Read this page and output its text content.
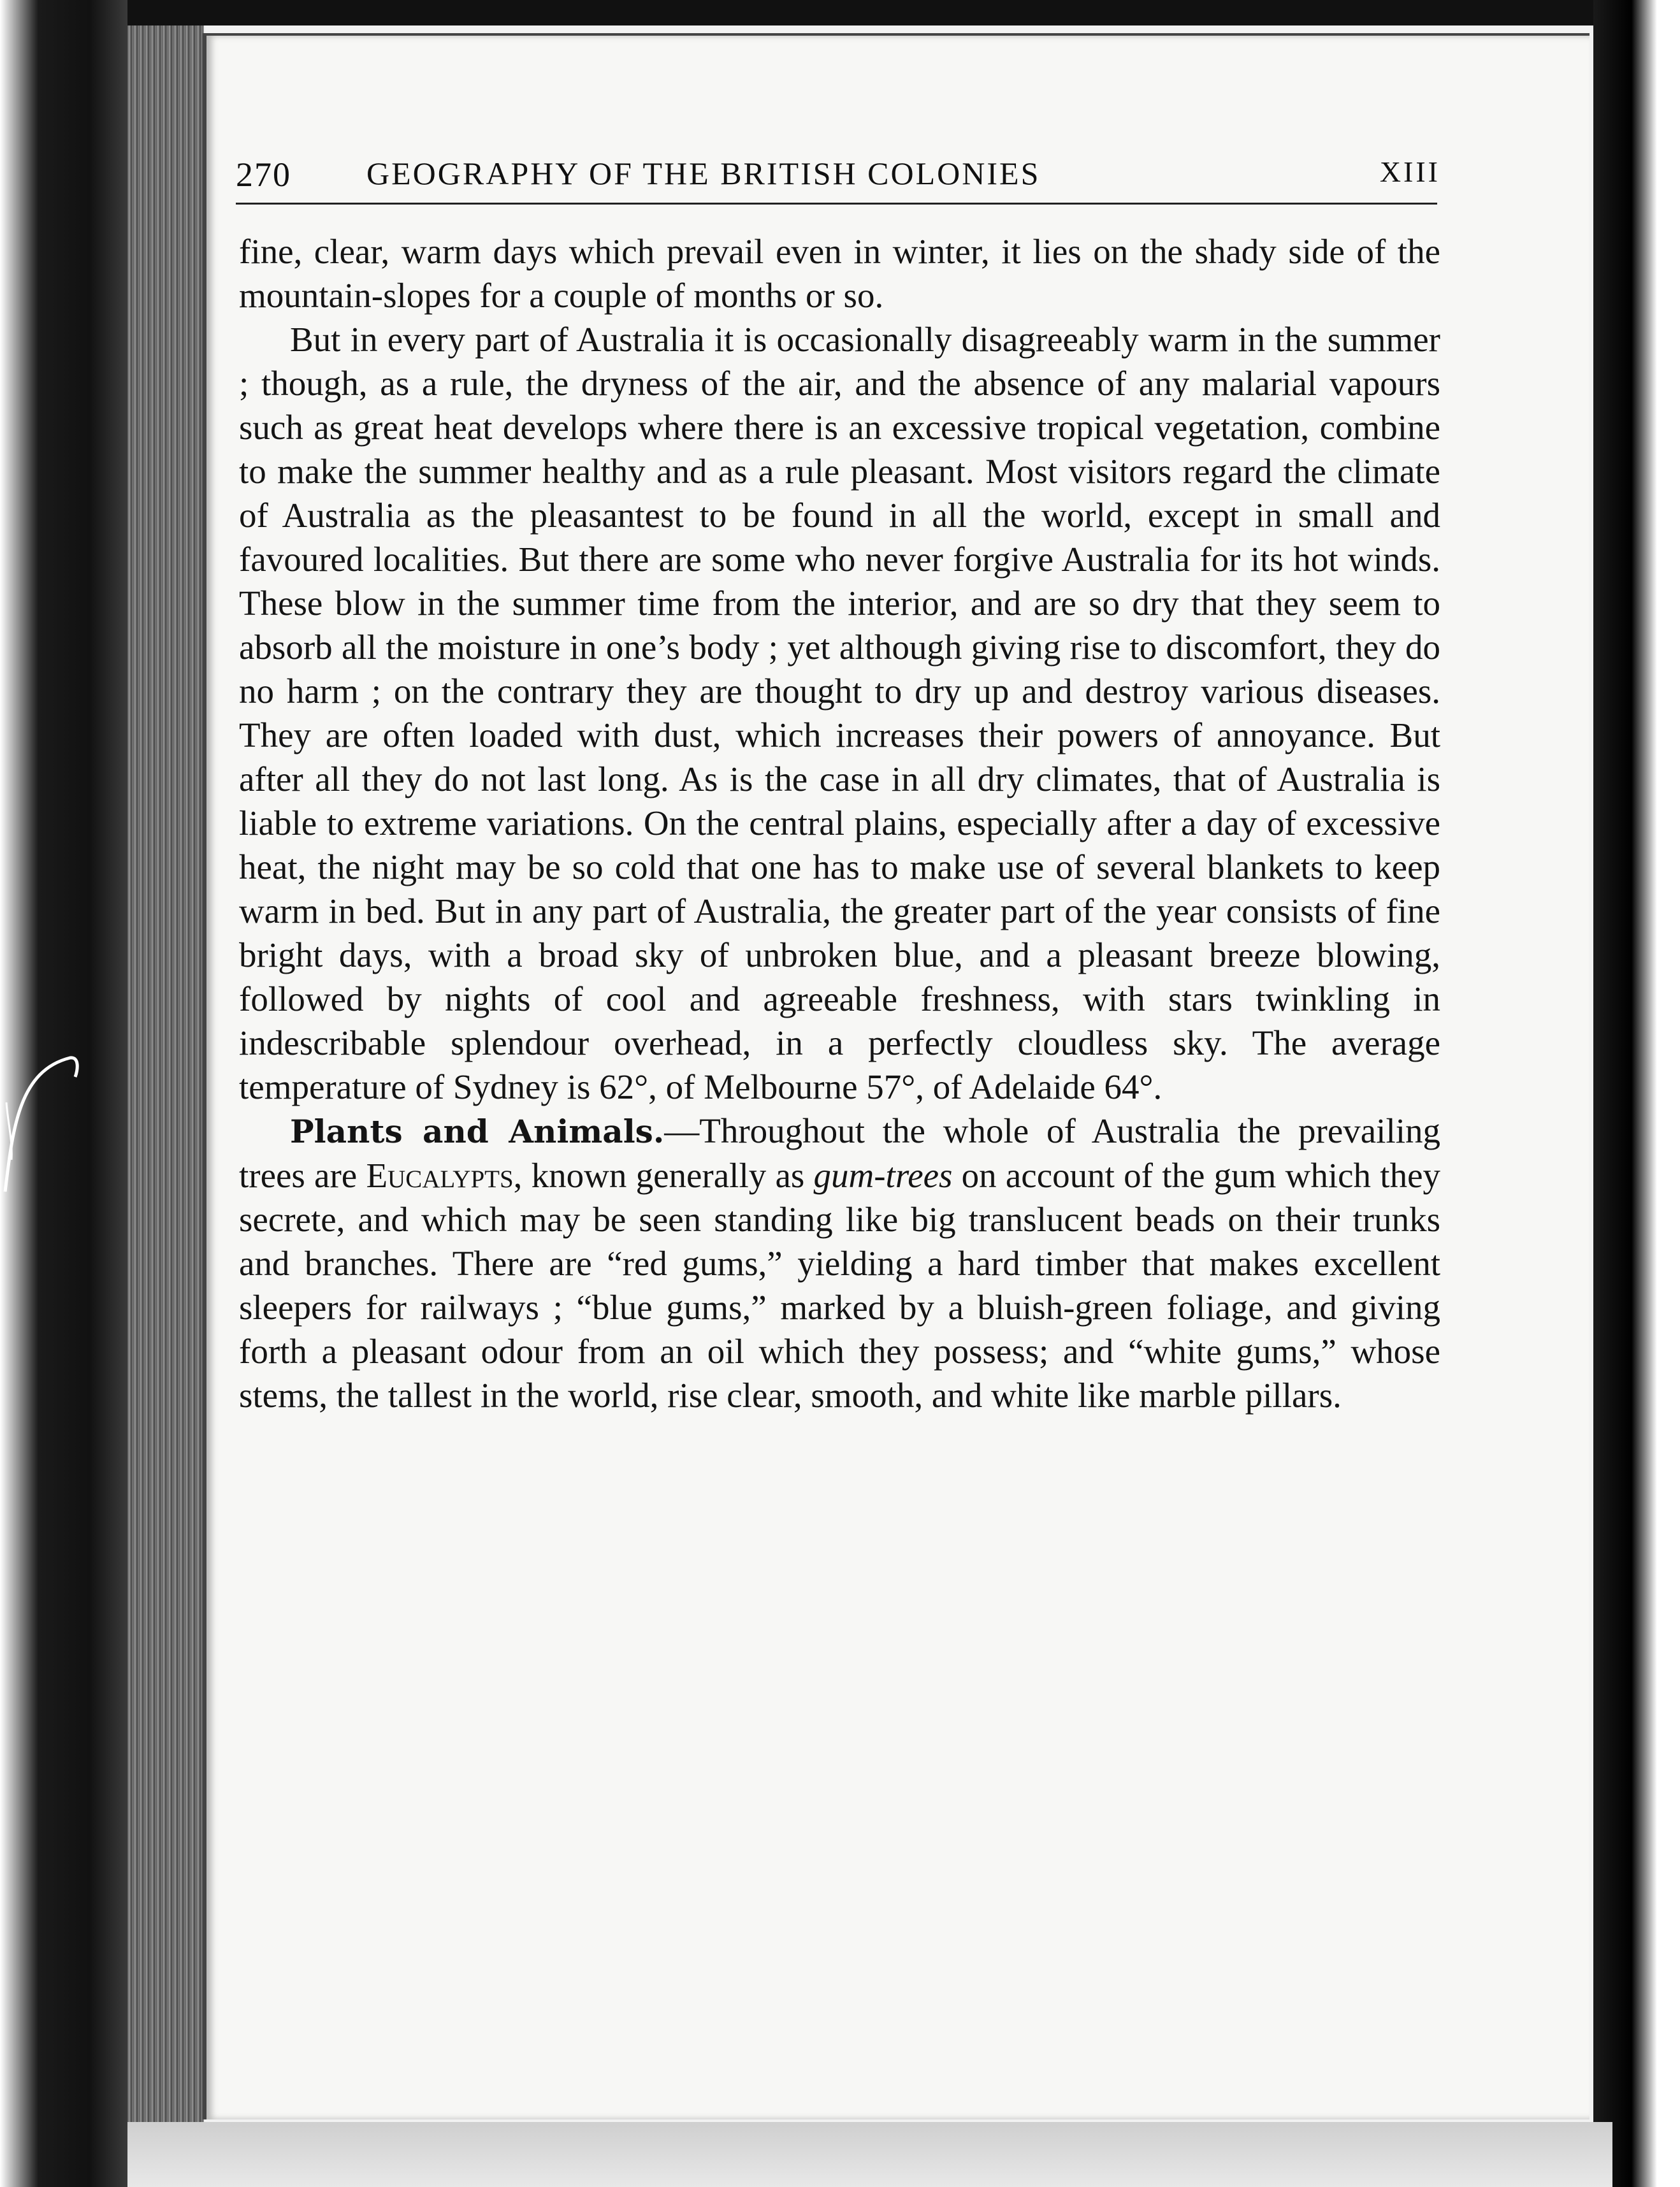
270 GEOGRAPHY OF THE BRITISH COLONIES	XIII

fine, clear, warm days which prevail even in winter, it lies on the shady side of the mountain-slopes for a couple of months or so.

But in every part of Australia it is occasionally disagreeably warm in the summer ; though, as a rule, the dryness of the air, and the absence of any malarial vapours such as great heat develops where there is an excessive tropical vegetation, combine to make the summer healthy and as a rule pleasant. Most visitors regard the climate of Australia as the pleasantest to be found in all the world, except in small and favoured localities. But there are some who never forgive Australia for its hot winds. These blow in the summer time from the interior, and are so dry that they seem to absorb all the moisture in one’s body ; yet although giving rise to discomfort, they do no harm ; on the contrary they are thought to dry up and destroy various diseases. They are often loaded with dust, which increases their powers of annoyance. But after all they do not last long. As is the case in all dry climates, that of Australia is liable to extreme variations. On the central plains, especially after a day of excessive heat, the night may be so cold that one has to make use of several blankets to keep warm in bed. But in any part of Australia, the greater part of the year consists of fine bright days, with a broad sky of unbroken blue, and a pleasant breeze blowing, followed by nights of cool and agreeable freshness, with stars twinkling in indescribable splendour overhead, in a perfectly cloudless sky. The average temperature of Sydney is 62°, of Melbourne 57°, of Adelaide 64°.

Plants and Animals.—Throughout the whole of Australia the prevailing trees are Eucalypts, known generally as gum-trees on account of the gum which they secrete, and which may be seen standing like big translucent beads on their trunks and branches. There are “red gums,” yielding a hard timber that makes excellent sleepers for railways ; “blue gums,” marked by a bluish-green foliage, and giving forth a pleasant odour from an oil which they possess; and “white gums,” whose stems, the tallest in the world, rise clear, smooth, and white like marble pillars.
